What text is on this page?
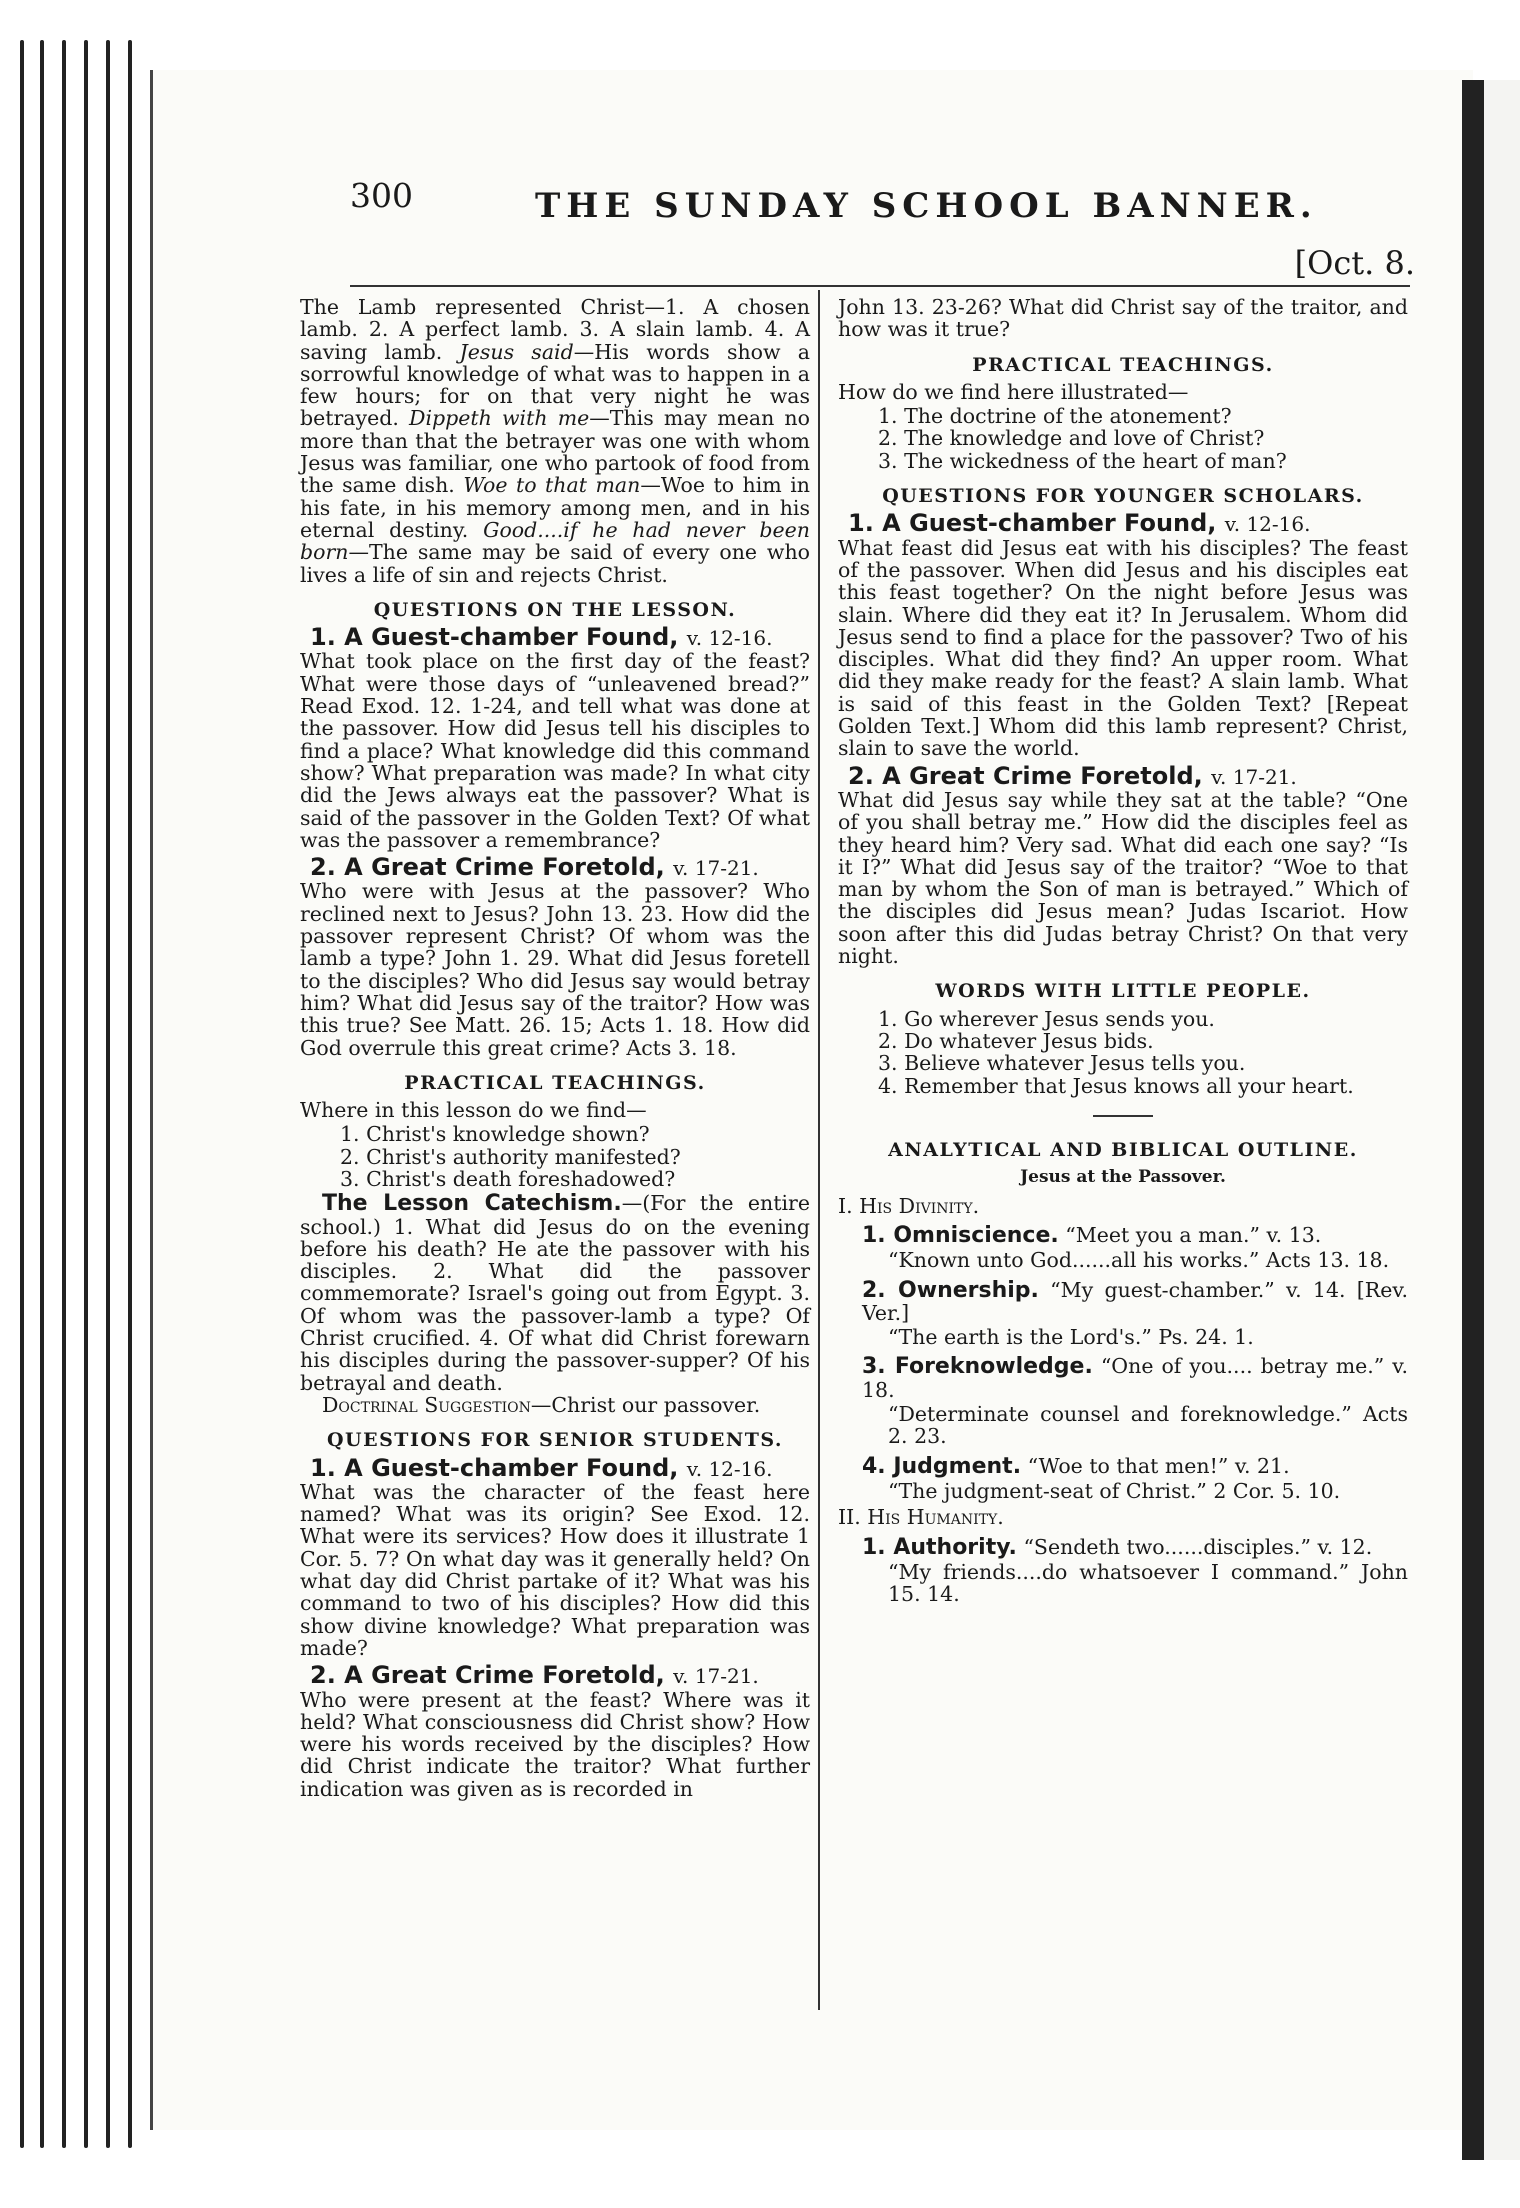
300	THE SUNDAY SCHOOL BANNER.
[Oct. 8.

The Lamb represented Christ—1. A chosen lamb. 2. A perfect lamb. 3. A slain lamb. 4. A saving lamb. Jesus said—His words show a sorrowful knowledge of what was to happen in a few hours; for on that very night he was betrayed. Dippeth with me—This may mean no more than that the betrayer was one with whom Jesus was familiar, one who partook of food from the same dish. Woe to that man—Woe to him in his fate, in his memory among men, and in his eternal destiny. Good....if he had never been born—The same may be said of every one who lives a life of sin and rejects Christ.

QUESTIONS ON THE LESSON.
1. A Guest-chamber Found, v. 12-16.

What took place on the first day of the feast? What were those days of “unleavened bread?” Read Exod. 12. 1-24, and tell what was done at the passover. How did Jesus tell his disciples to find a place? What knowledge did this command show? What preparation was made? In what city did the Jews always eat the passover? What is said of the passover in the Golden Text? Of what was the passover a remembrance?

2. A Great Crime Foretold, v. 17-21.

Who were with Jesus at the passover? Who reclined next to Jesus? John 13. 23. How did the passover represent Christ? Of whom was the lamb a type? John 1. 29. What did Jesus foretell to the disciples? Who did Jesus say would betray him? What did Jesus say of the traitor? How was this true? See Matt. 26. 15; Acts 1. 18. How did God overrule this great crime? Acts 3. 18.

PRACTICAL TEACHINGS.

Where in this lesson do we find—

1. Christ's knowledge shown?
2. Christ's authority manifested?
3. Christ's death foreshadowed?

The Lesson Catechism.—(For the entire school.) 1. What did Jesus do on the evening before his death? He ate the passover with his disciples. 2. What did the passover commemorate? Israel's going out from Egypt. 3. Of whom was the passover-lamb a type? Of Christ crucified. 4. Of what did Christ forewarn his disciples during the passover-supper? Of his betrayal and death.

Doctrinal Suggestion—Christ our passover.

QUESTIONS FOR SENIOR STUDENTS.
1. A Guest-chamber Found, v. 12-16.

What was the character of the feast here named? What was its origin? See Exod. 12. What were its services? How does it illustrate 1 Cor. 5. 7? On what day was it generally held? On what day did Christ partake of it? What was his command to two of his disciples? How did this show divine knowledge? What preparation was made?

2. A Great Crime Foretold, v. 17-21.

Who were present at the feast? Where was it held? What consciousness did Christ show? How were his words received by the disciples? How did Christ indicate the traitor? What further indication was given as is recorded in

John 13. 23-26? What did Christ say of the traitor, and how was it true?

PRACTICAL TEACHINGS.

How do we find here illustrated—

1. The doctrine of the atonement?
2. The knowledge and love of Christ?
3. The wickedness of the heart of man?
QUESTIONS FOR YOUNGER SCHOLARS.
1. A Guest-chamber Found, v. 12-16.

What feast did Jesus eat with his disciples? The feast of the passover. When did Jesus and his disciples eat this feast together? On the night before Jesus was slain. Where did they eat it? In Jerusalem. Whom did Jesus send to find a place for the passover? Two of his disciples. What did they find? An upper room. What did they make ready for the feast? A slain lamb. What is said of this feast in the Golden Text? [Repeat Golden Text.] Whom did this lamb represent? Christ, slain to save the world.

2. A Great Crime Foretold, v. 17-21.

What did Jesus say while they sat at the table? “One of you shall betray me.” How did the disciples feel as they heard him? Very sad. What did each one say? “Is it I?” What did Jesus say of the traitor? “Woe to that man by whom the Son of man is betrayed.” Which of the disciples did Jesus mean? Judas Iscariot. How soon after this did Judas betray Christ? On that very night.

WORDS WITH LITTLE PEOPLE.
1. Go wherever Jesus sends you.
2. Do whatever Jesus bids.
3. Believe whatever Jesus tells you.
4. Remember that Jesus knows all your heart.
ANALYTICAL AND BIBLICAL OUTLINE.
Jesus at the Passover.
I. His Divinity.
1. Omniscience. “Meet you a man.” v. 13.
“Known unto God......all his works.” Acts 13. 18.
2. Ownership. “My guest-chamber.” v. 14. [Rev. Ver.]
“The earth is the Lord's.” Ps. 24. 1.
3. Foreknowledge. “One of you.... betray me.” v. 18.
“Determinate counsel and foreknowledge.” Acts 2. 23.
4. Judgment. “Woe to that men!” v. 21.
“The judgment-seat of Christ.” 2 Cor. 5. 10.
II. His Humanity.
1. Authority. “Sendeth two......disciples.” v. 12.
“My friends....do whatsoever I command.” John 15. 14.
